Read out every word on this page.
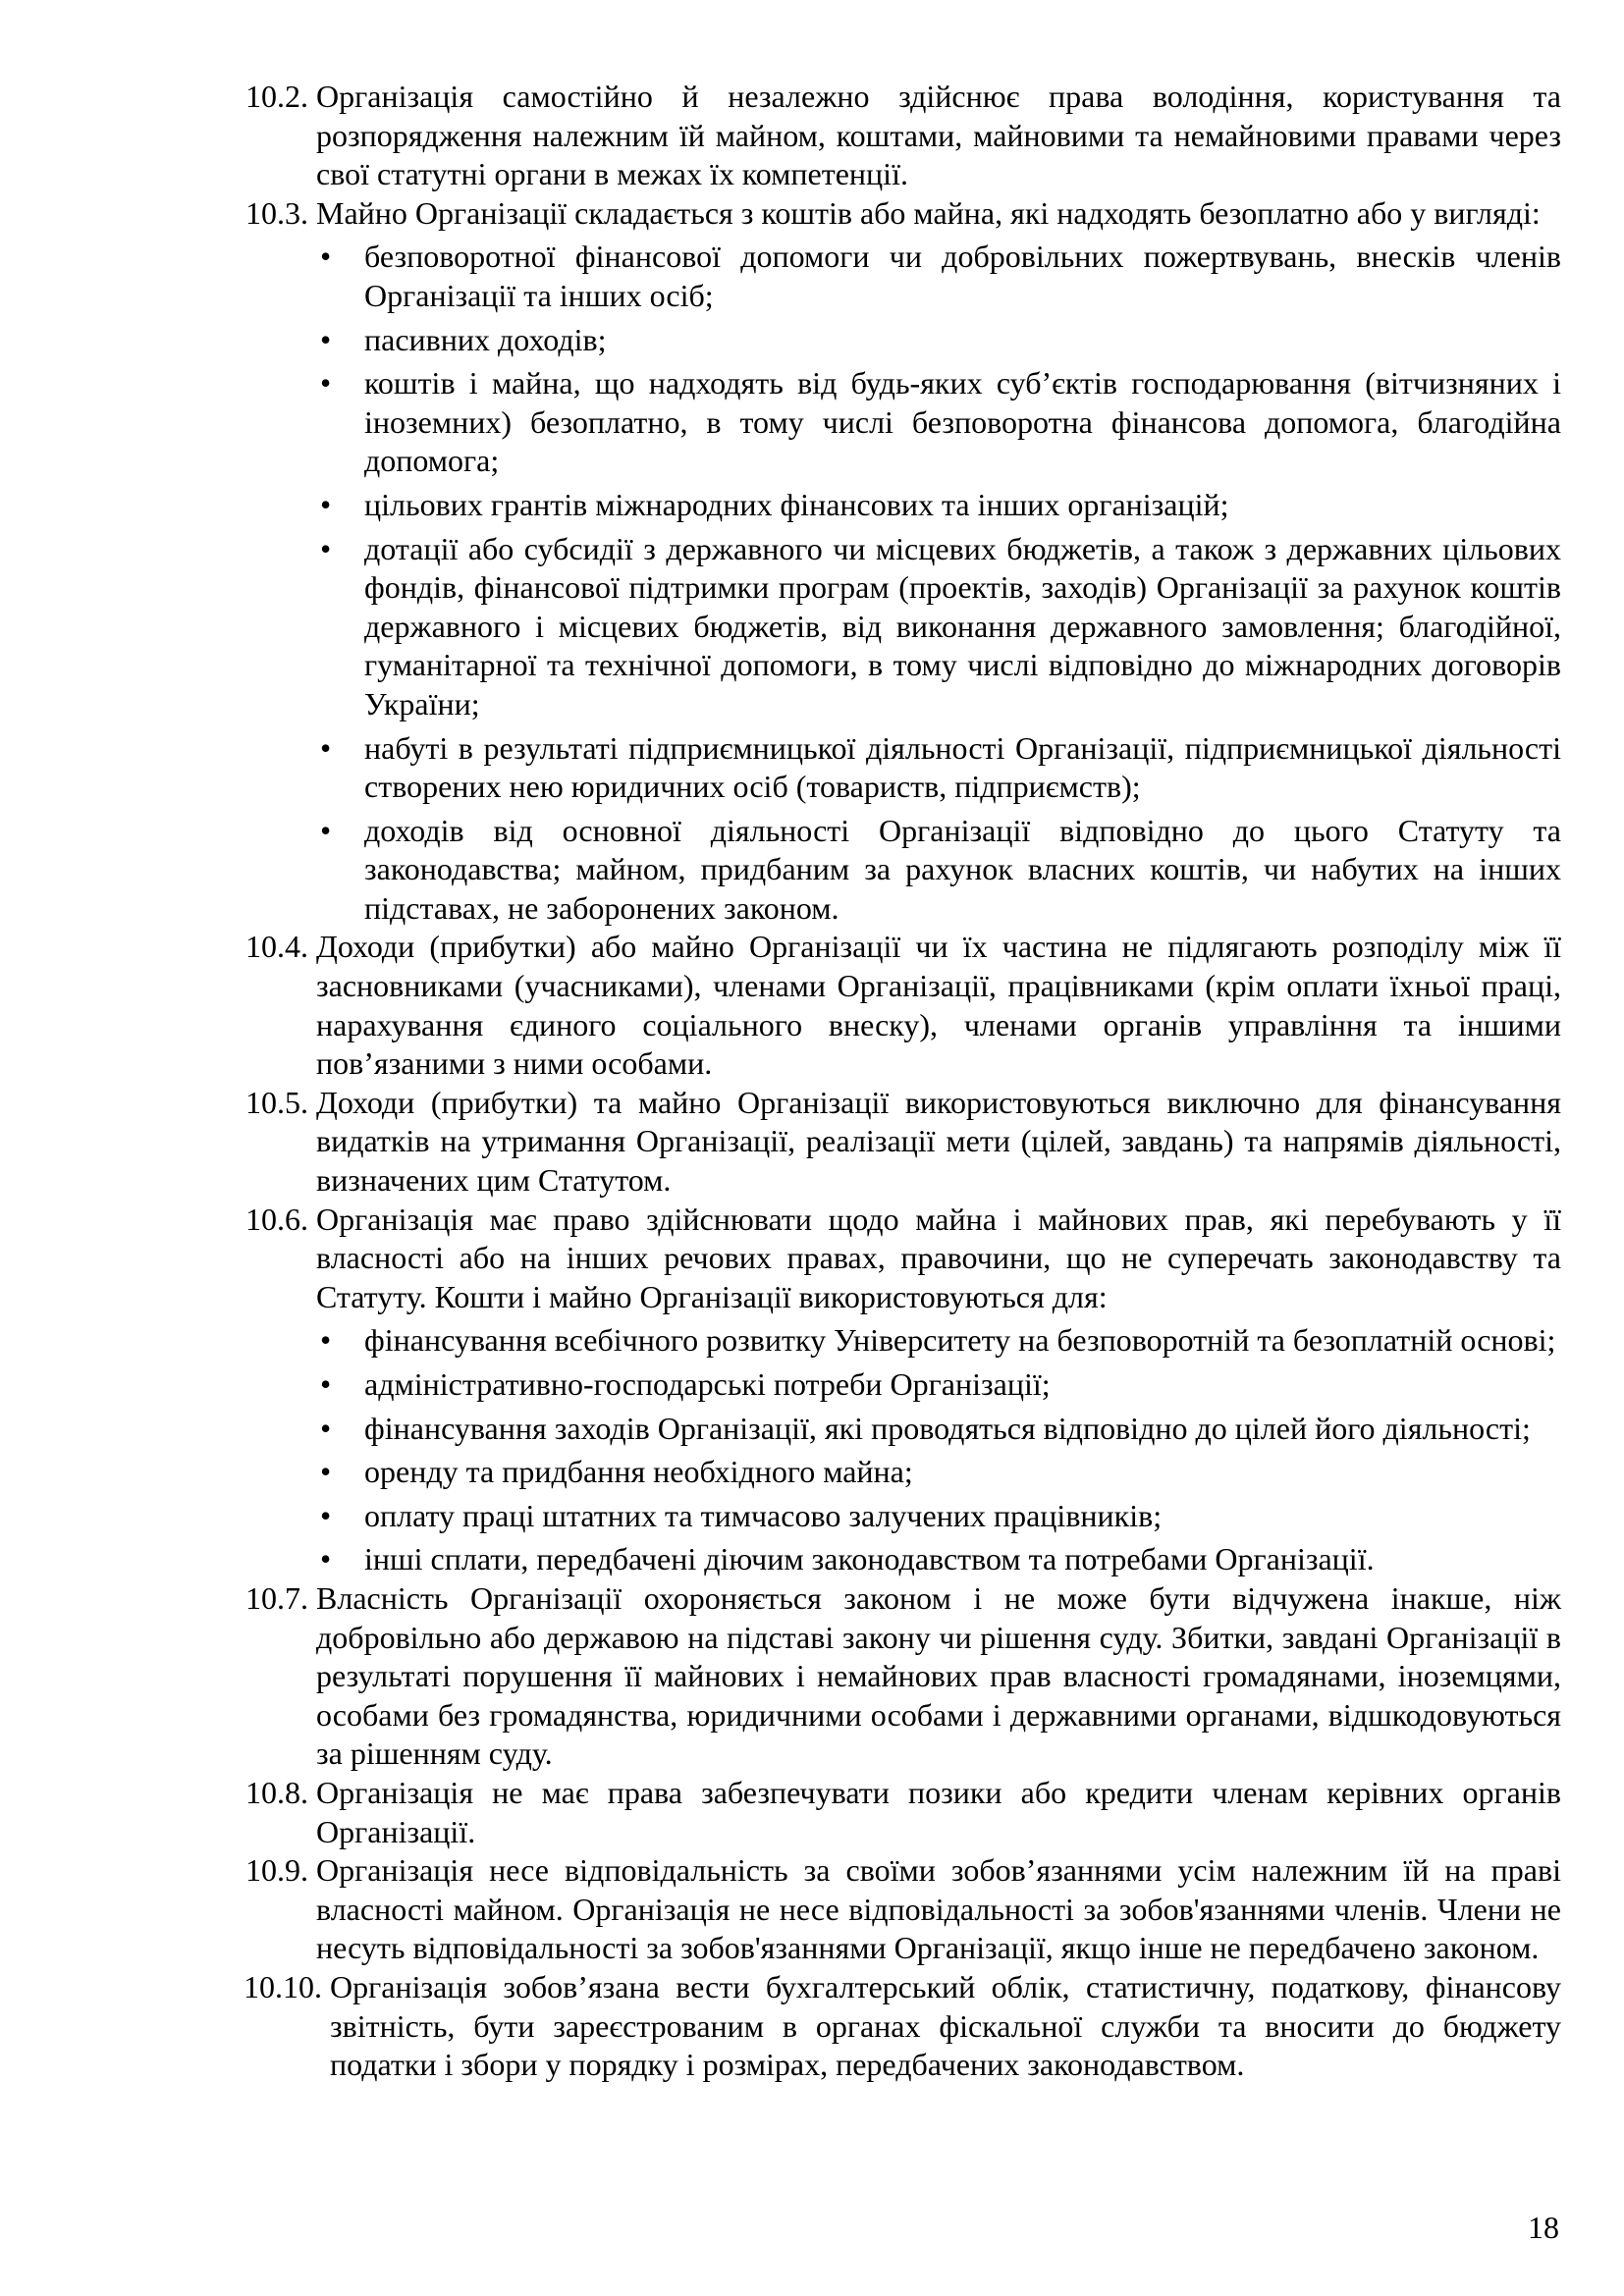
10.2. Організація самостійно й незалежно здійснює права володіння, користування та розпорядження належним їй майном, коштами, майновими та немайновими правами через свої статутні органи в межах їх компетенції.
10.3. Майно Організації складається з коштів або майна, які надходять безоплатно або у вигляді:
•	безповоротної фінансової допомоги чи добровільних пожертвувань, внесків членів Організації та інших осіб;
•	пасивних доходів;
•	коштів і майна, що надходять від будь-яких суб’єктів господарювання (вітчизняних і іноземних) безоплатно, в тому числі безповоротна фінансова допомога, благодійна допомога;
•	цільових грантів міжнародних фінансових та інших організацій;
•	дотації або субсидії з державного чи місцевих бюджетів, а також з державних цільових фондів, фінансової підтримки програм (проектів, заходів) Організації за рахунок коштів державного і місцевих бюджетів, від виконання державного замовлення; благодійної, гуманітарної та технічної допомоги, в тому числі відповідно до міжнародних договорів України;
•	набуті в результаті підприємницької діяльності Організації, підприємницької діяльності створених нею юридичних осіб (товариств, підприємств);
•	доходів від основної діяльності Організації відповідно до цього Статуту та законодавства; майном, придбаним за рахунок власних коштів, чи набутих на інших підставах, не заборонених законом.
10.4. Доходи (прибутки) або майно Організації чи їх частина не підлягають розподілу між її засновниками (учасниками), членами Організації, працівниками (крім оплати їхньої праці, нарахування єдиного соціального внеску), членами органів управління та іншими пов’язаними з ними особами.
10.5. Доходи (прибутки) та майно Організації використовуються виключно для фінансування видатків на утримання Організації, реалізації мети (цілей, завдань) та напрямів діяльності, визначених цим Статутом.
10.6. Організація має право здійснювати щодо майна і майнових прав, які перебувають у її власності або на інших речових правах, правочини, що не суперечать законодавству та Статуту. Кошти і майно Організації використовуються для:
•	фінансування всебічного розвитку Університету на безповоротній та безоплатній основі;
•	адміністративно-господарські потреби Організації;
•	фінансування заходів Організації, які проводяться відповідно до цілей його діяльності;
•	оренду та придбання необхідного майна;
•	оплату праці штатних та тимчасово залучених працівників;
•	інші сплати, передбачені діючим законодавством та потребами Організації.
10.7. Власність Організації охороняється законом і не може бути відчужена інакше, ніж добровільно або державою на підставі закону чи рішення суду. Збитки, завдані Організації в результаті порушення її майнових і немайнових прав власності громадянами, іноземцями, особами без громадянства, юридичними особами і державними органами, відшкодовуються за рішенням суду.
10.8. Організація не має права забезпечувати позики або кредити членам керівних органів Організації.
10.9. Організація несе відповідальність за своїми зобов’язаннями усім належним їй на праві власності майном. Організація не несе відповідальності за зобов'язаннями членів. Члени не несуть відповідальності за зобов'язаннями Організації, якщо інше не передбачено законом.
10.10. Організація зобов’язана вести бухгалтерський облік, статистичну, податкову, фінансову звітність, бути зареєстрованим в органах фіскальної служби та вносити до бюджету податки і збори у порядку і розмірах, передбачених законодавством.
18
